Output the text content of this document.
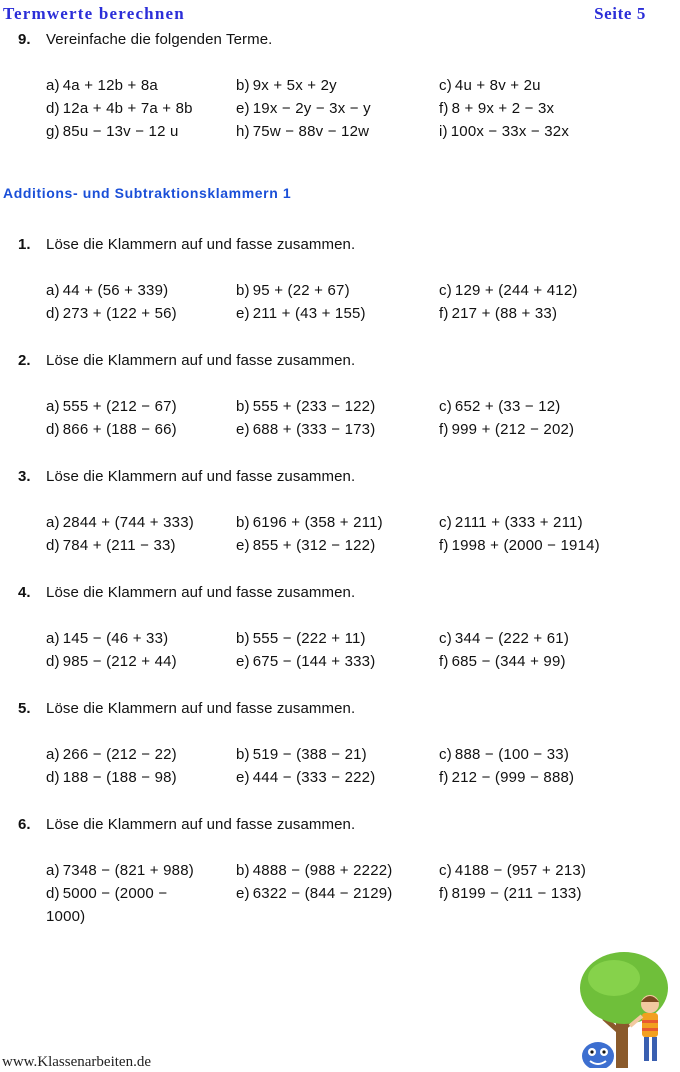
Termwerte berechnen	Seite 5
9. Vereinfache die folgenden Terme.
a) 4a + 12b + 8a	b) 9x + 5x + 2y	c) 4u + 8v + 2u
d) 12a + 4b + 7a + 8b	e) 19x − 2y − 3x − y	f) 8 + 9x + 2 − 3x
g) 85u − 13v − 12 u	h) 75w − 88v − 12w	i) 100x − 33x − 32x
Additions- und Subtraktionsklammern 1
1. Löse die Klammern auf und fasse zusammen.
a) 44 + (56 + 339)	b) 95 + (22 + 67)	c) 129 + (244 + 412)
d) 273 + (122 + 56)	e) 211 + (43 + 155)	f) 217 + (88 + 33)
2. Löse die Klammern auf und fasse zusammen.
a) 555 + (212 − 67)	b) 555 + (233 − 122)	c) 652 + (33 − 12)
d) 866 + (188 − 66)	e) 688 + (333 − 173)	f) 999 + (212 − 202)
3. Löse die Klammern auf und fasse zusammen.
a) 2844 + (744 + 333)	b) 6196 + (358 + 211)	c) 2111 + (333 + 211)
d) 784 + (211 − 33)	e) 855 + (312 − 122)	f) 1998 + (2000 − 1914)
4. Löse die Klammern auf und fasse zusammen.
a) 145 − (46 + 33)	b) 555 − (222 + 11)	c) 344 − (222 + 61)
d) 985 − (212 + 44)	e) 675 − (144 + 333)	f) 685 − (344 + 99)
5. Löse die Klammern auf und fasse zusammen.
a) 266 − (212 − 22)	b) 519 − (388 − 21)	c) 888 − (100 − 33)
d) 188 − (188 − 98)	e) 444 − (333 − 222)	f) 212 − (999 − 888)
6. Löse die Klammern auf und fasse zusammen.
a) 7348 − (821 + 988)	b) 4888 − (988 + 2222)	c) 4188 − (957 + 213)
d) 5000 − (2000 −	e) 6322 − (844 − 2129)	f) 8199 − (211 − 133)
1000)
www.Klassenarbeiten.de
